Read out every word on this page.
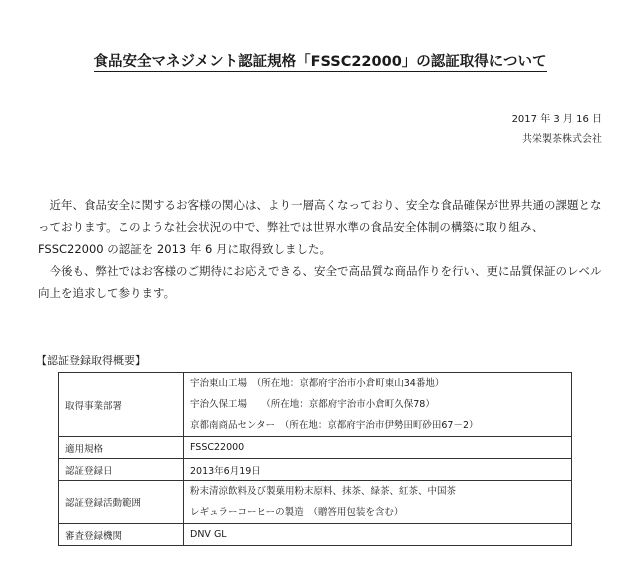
食品安全マネジメント認証規格「FSSC22000」の認証取得について
2017 年 3 月 16 日
共栄製茶株式会社
　近年、食品安全に関するお客様の関心は、より一層高くなっており、安全な食品確保が世界共通の課題となっております。このような社会状況の中で、弊社では世界水準の食品安全体制の構築に取り組み、FSSC22000 の認証を 2013 年 6 月に取得致しました。
　今後も、弊社ではお客様のご期待にお応えできる、安全で高品質な商品作りを行い、更に品質保証のレベル向上を追求して参ります。
【認証登録取得概要】
取得事業部署	宇治東山工場　（所在地：京都府宇治市小倉町東山34番地）
宇治久保工場　　（所在地：京都府宇治市小倉町久保78）
京都南商品センター　（所在地：京都府宇治市伊勢田町砂田67－2）

適用規格	FSSC22000
認証登録日	2013年6月19日
認証登録活動範囲	粉末清涼飲料及び製菓用粉末原料、抹茶、緑茶、紅茶、中国茶
レギュラーコーヒーの製造　（贈答用包装を含む）

審査登録機関	DNV GL
